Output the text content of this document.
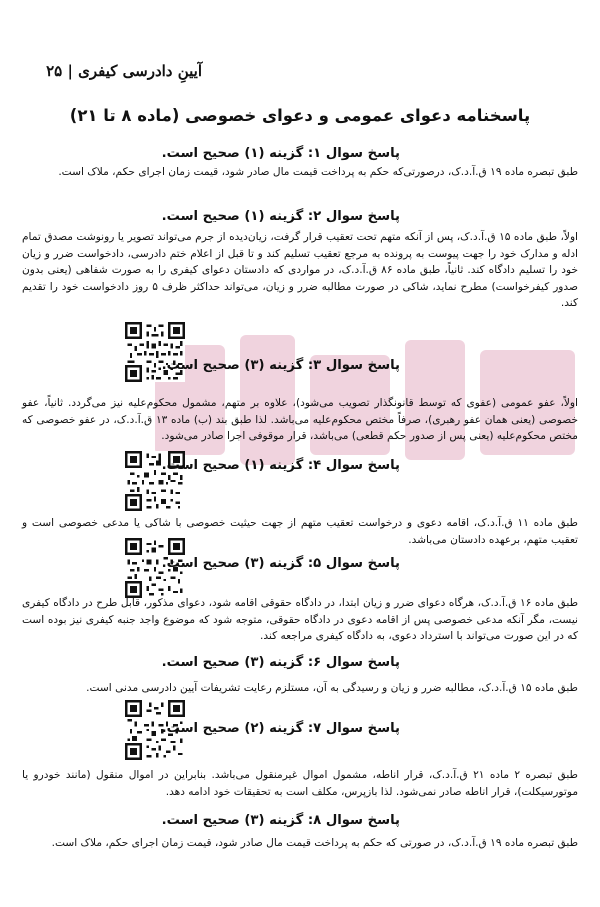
آیینِ دادرسی کیفری | ۲۵
پاسخنامه دعوای عمومی و دعوای خصوصی (ماده ۸ تا ۲۱)
پاسخ سوال ۱: گزینه (۱) صحیح است.
طبق تبصره ماده ۱۹ ق.آ.د.ک، درصورتی‌که حکم به پرداخت قیمت مال صادر شود، قیمت زمان اجرای حکم، ملاک است.
پاسخ سوال ۲: گزینه (۱) صحیح است.
اولاً، طبق ماده ۱۵ ق.آ.د.ک، پس از آنکه متهم تحت تعقیب قرار گرفت، زیان‌دیده از جرم می‌تواند تصویر یا رونوشت مصدق تمام ادله و مدارک خود را جهت پیوست به پرونده به مرجع تعقیب تسلیم کند و تا قبل از اعلام ختم دادرسی، دادخواست ضرر و زیان خود را تسلیم دادگاه کند. ثانیاً، طبق ماده ۸۶ ق.آ.د.ک، در مواردی که دادستان دعوای کیفری را به صورت شفاهی (یعنی بدون صدور کیفرخواست) مطرح نماید، شاکی در صورت مطالبه ضرر و زیان، می‌تواند حداکثر ظرف ۵ روز دادخواست خود را تقدیم کند.
پاسخ سوال ۳: گزینه (۳) صحیح است.
اولاً، عفو عمومی (عفوی که توسط قانونگذار تصویب می‌شود)، علاوه بر متهم، مشمول محکوم‌علیه نیز می‌گردد. ثانیاً، عفو خصوصی (یعنی همان عفو رهبری)، صرفاً مختص محکوم‌علیه می‌باشد. لذا طبق بند (ب) ماده ۱۳ ق.آ.د.ک، در عفو خصوصی که مختص محکوم‌علیه (یعنی پس از صدور حکم قطعی) می‌باشد، قرار موقوفی اجرا صادر می‌شود.
پاسخ سوال ۴: گزینه (۱) صحیح است.
طبق ماده ۱۱ ق.آ.د.ک، اقامه دعوی و درخواست تعقیب متهم از جهت حیثیت خصوصی با شاکی یا مدعی خصوصی است و تعقیب متهم، برعهده دادستان می‌باشد.
پاسخ سوال ۵: گزینه (۳) صحیح است.
طبق ماده ۱۶ ق.آ.د.ک، هرگاه دعوای ضرر و زیان ابتدا، در دادگاه حقوقی اقامه شود، دعوای مذکور، قابل طرح در دادگاه کیفری نیست، مگر آنکه مدعی خصوصی پس از اقامه دعوی در دادگاه حقوقی، متوجه شود که موضوع واجد جنبه کیفری نیز بوده است که در این صورت می‌تواند با استرداد دعوی، به دادگاه کیفری مراجعه کند.
پاسخ سوال ۶: گزینه (۳) صحیح است.
طبق ماده ۱۵ ق.آ.د.ک، مطالبه ضرر و زیان و رسیدگی به آن، مستلزم رعایت تشریفات آیین دادرسی مدنی است.
پاسخ سوال ۷: گزینه (۲) صحیح است.
طبق تبصره ۲ ماده ۲۱ ق.آ.د.ک، قرار اناطه، مشمول اموال غیرمنقول می‌باشد. بنابراین در اموال منقول (مانند خودرو یا موتورسیکلت)، قرار اناطه صادر نمی‌شود. لذا بازپرس، مکلف است به تحقیقات خود ادامه دهد.
پاسخ سوال ۸: گزینه (۳) صحیح است.
طبق تبصره ماده ۱۹ ق.آ.د.ک، در صورتی که حکم به پرداخت قیمت مال صادر شود، قیمت زمان اجرای حکم، ملاک است.
